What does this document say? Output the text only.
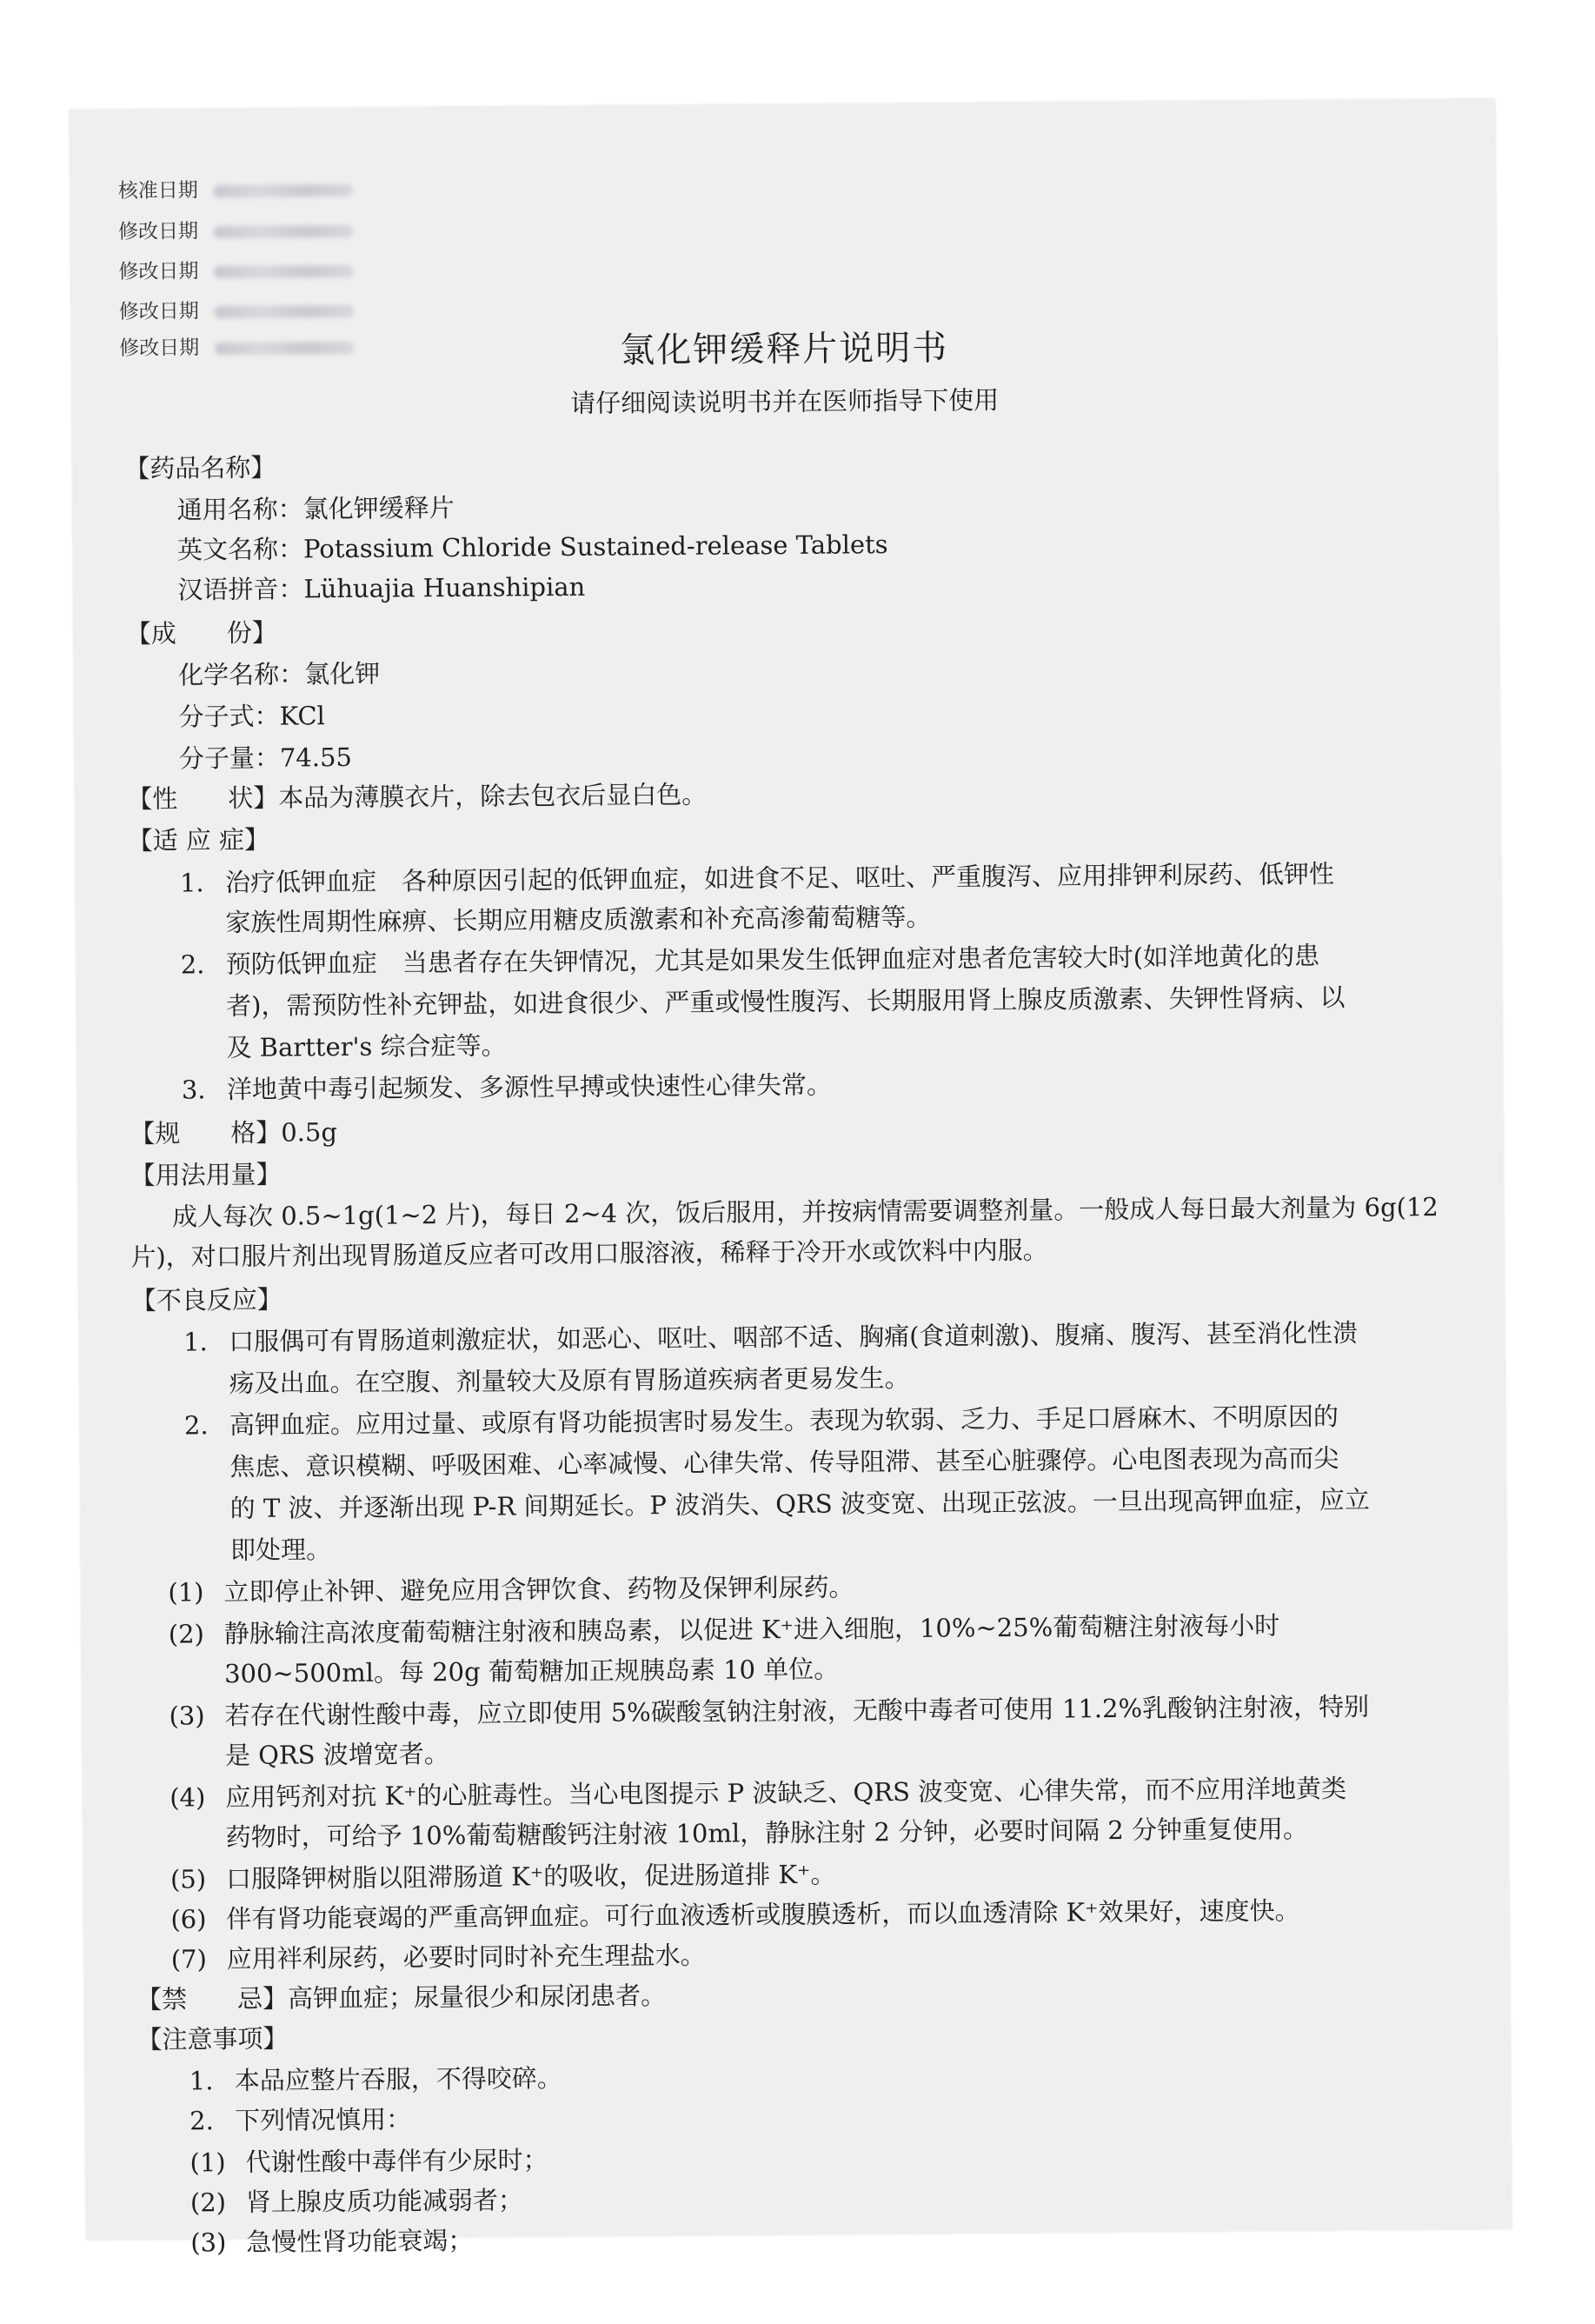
核准日期
修改日期
修改日期
修改日期
修改日期	氯化钾缓释片说明书
请仔细阅读说明书并在医师指导下使用
【药品名称】
通用名称：氯化钾缓释片
英文名称：Potassium Chloride Sustained-release Tablets
汉语拼音：Lühuajia Huanshipian
【成　　份】
化学名称：氯化钾
分子式：KCl
分子量：74.55
【性　　状】本品为薄膜衣片，除去包衣后显白色。
【适 应 症】
1. 治疗低钾血症　各种原因引起的低钾血症，如进食不足、呕吐、严重腹泻、应用排钾利尿药、低钾性
家族性周期性麻痹、长期应用糖皮质激素和补充高渗葡萄糖等。
2. 预防低钾血症　当患者存在失钾情况，尤其是如果发生低钾血症对患者危害较大时(如洋地黄化的患
者)，需预防性补充钾盐，如进食很少、严重或慢性腹泻、长期服用肾上腺皮质激素、失钾性肾病、以
及 Bartter's 综合症等。
3. 洋地黄中毒引起频发、多源性早搏或快速性心律失常。
【规　　格】0.5g
【用法用量】
成人每次 0.5~1g(1~2 片)，每日 2~4 次，饭后服用，并按病情需要调整剂量。一般成人每日最大剂量为 6g(12
片)，对口服片剂出现胃肠道反应者可改用口服溶液，稀释于冷开水或饮料中内服。
【不良反应】
1. 口服偶可有胃肠道刺激症状，如恶心、呕吐、咽部不适、胸痛(食道刺激)、腹痛、腹泻、甚至消化性溃
疡及出血。在空腹、剂量较大及原有胃肠道疾病者更易发生。
2. 高钾血症。应用过量、或原有肾功能损害时易发生。表现为软弱、乏力、手足口唇麻木、不明原因的
焦虑、意识模糊、呼吸困难、心率减慢、心律失常、传导阻滞、甚至心脏骤停。心电图表现为高而尖
的 T 波、并逐渐出现 P-R 间期延长。P 波消失、QRS 波变宽、出现正弦波。一旦出现高钾血症，应立
即处理。
(1) 立即停止补钾、避免应用含钾饮食、药物及保钾利尿药。
(2) 静脉输注高浓度葡萄糖注射液和胰岛素，以促进 K⁺进入细胞，10%~25%葡萄糖注射液每小时
300~500ml。每 20g 葡萄糖加正规胰岛素 10 单位。
(3) 若存在代谢性酸中毒，应立即使用 5%碳酸氢钠注射液，无酸中毒者可使用 11.2%乳酸钠注射液，特别
是 QRS 波增宽者。
(4) 应用钙剂对抗 K⁺的心脏毒性。当心电图提示 P 波缺乏、QRS 波变宽、心律失常，而不应用洋地黄类
药物时，可给予 10%葡萄糖酸钙注射液 10ml，静脉注射 2 分钟，必要时间隔 2 分钟重复使用。
(5) 口服降钾树脂以阻滞肠道 K⁺的吸收，促进肠道排 K⁺。
(6) 伴有肾功能衰竭的严重高钾血症。可行血液透析或腹膜透析，而以血透清除 K⁺效果好，速度快。
(7) 应用袢利尿药，必要时同时补充生理盐水。
【禁　　忌】高钾血症；尿量很少和尿闭患者。
【注意事项】
1. 本品应整片吞服，不得咬碎。
2. 下列情况慎用：
(1) 代谢性酸中毒伴有少尿时；
(2) 肾上腺皮质功能减弱者；
(3) 急慢性肾功能衰竭；
